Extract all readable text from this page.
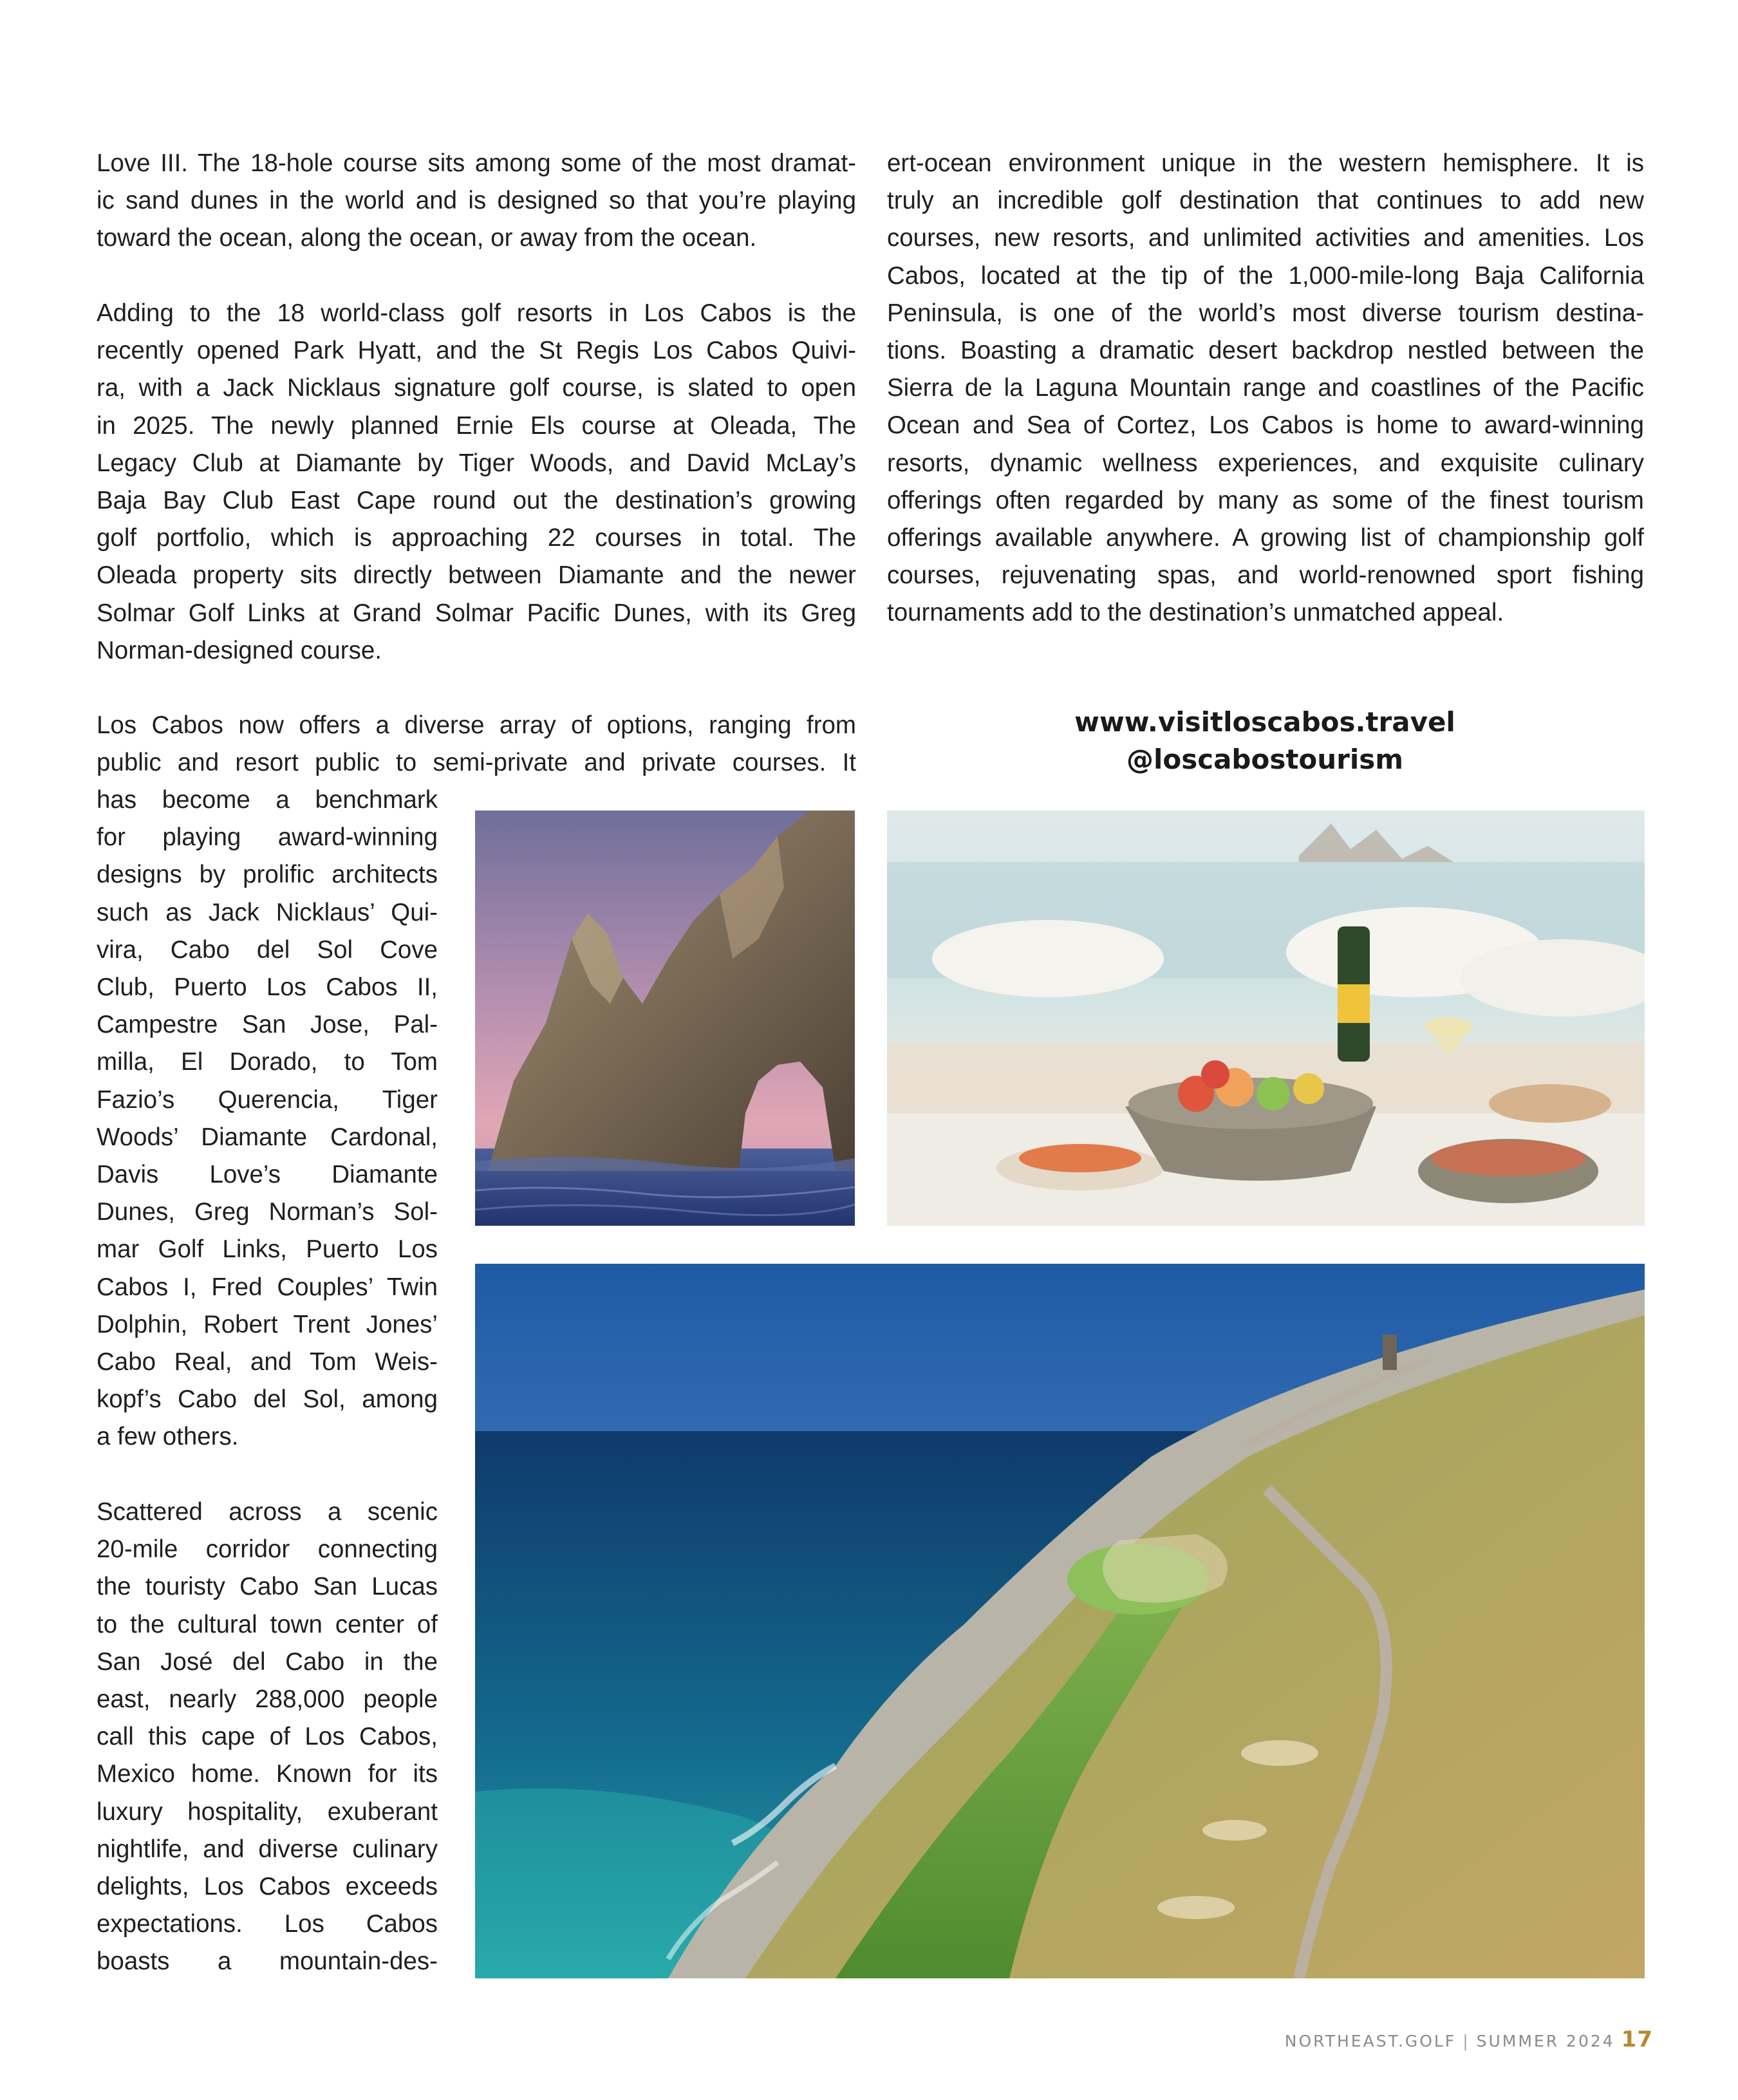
Love III. The 18-hole course sits among some of the most dramat-
ic sand dunes in the world and is designed so that you’re playing
toward the ocean, along the ocean, or away from the ocean.

Adding to the 18 world-class golf resorts in Los Cabos is the
recently opened Park Hyatt, and the St Regis Los Cabos Quivi-
ra, with a Jack Nicklaus signature golf course, is slated to open
in 2025. The newly planned Ernie Els course at Oleada, The
Legacy Club at Diamante by Tiger Woods, and David McLay’s
Baja Bay Club East Cape round out the destination’s growing
golf portfolio, which is approaching 22 courses in total. The
Oleada property sits directly between Diamante and the newer
Solmar Golf Links at Grand Solmar Pacific Dunes, with its Greg
Norman-designed course.

Los Cabos now offers a diverse array of options, ranging from
public and resort public to semi-private and private courses. It

has become a benchmark
for playing award-winning
designs by prolific architects
such as Jack Nicklaus’ Qui-
vira, Cabo del Sol Cove
Club, Puerto Los Cabos II,
Campestre San Jose, Pal-
milla, El Dorado, to Tom
Fazio’s Querencia, Tiger
Woods’ Diamante Cardonal,
Davis Love’s Diamante
Dunes, Greg Norman’s Sol-
mar Golf Links, Puerto Los
Cabos I, Fred Couples’ Twin
Dolphin, Robert Trent Jones’
Cabo Real, and Tom Weis-
kopf’s Cabo del Sol, among
a few others.

Scattered across a scenic
20-mile corridor connecting
the touristy Cabo San Lucas
to the cultural town center of
San José del Cabo in the
east, nearly 288,000 people
call this cape of Los Cabos,
Mexico home. Known for its
luxury hospitality, exuberant
nightlife, and diverse culinary
delights, Los Cabos exceeds
expectations. Los Cabos
boasts a mountain-des-

ert-ocean environment unique in the western hemisphere. It is
truly an incredible golf destination that continues to add new
courses, new resorts, and unlimited activities and amenities. Los
Cabos, located at the tip of the 1,000-mile-long Baja California
Peninsula, is one of the world’s most diverse tourism destina-
tions. Boasting a dramatic desert backdrop nestled between the
Sierra de la Laguna Mountain range and coastlines of the Pacific
Ocean and Sea of Cortez, Los Cabos is home to award-winning
resorts, dynamic wellness experiences, and exquisite culinary
offerings often regarded by many as some of the finest tourism
offerings available anywhere. A growing list of championship golf
courses, rejuvenating spas, and world-renowned sport fishing
tournaments add to the destination’s unmatched appeal.

www.visitloscabos.travel
@loscabostourism
NORTHEAST.GOLF | SUMMER 2024 17
